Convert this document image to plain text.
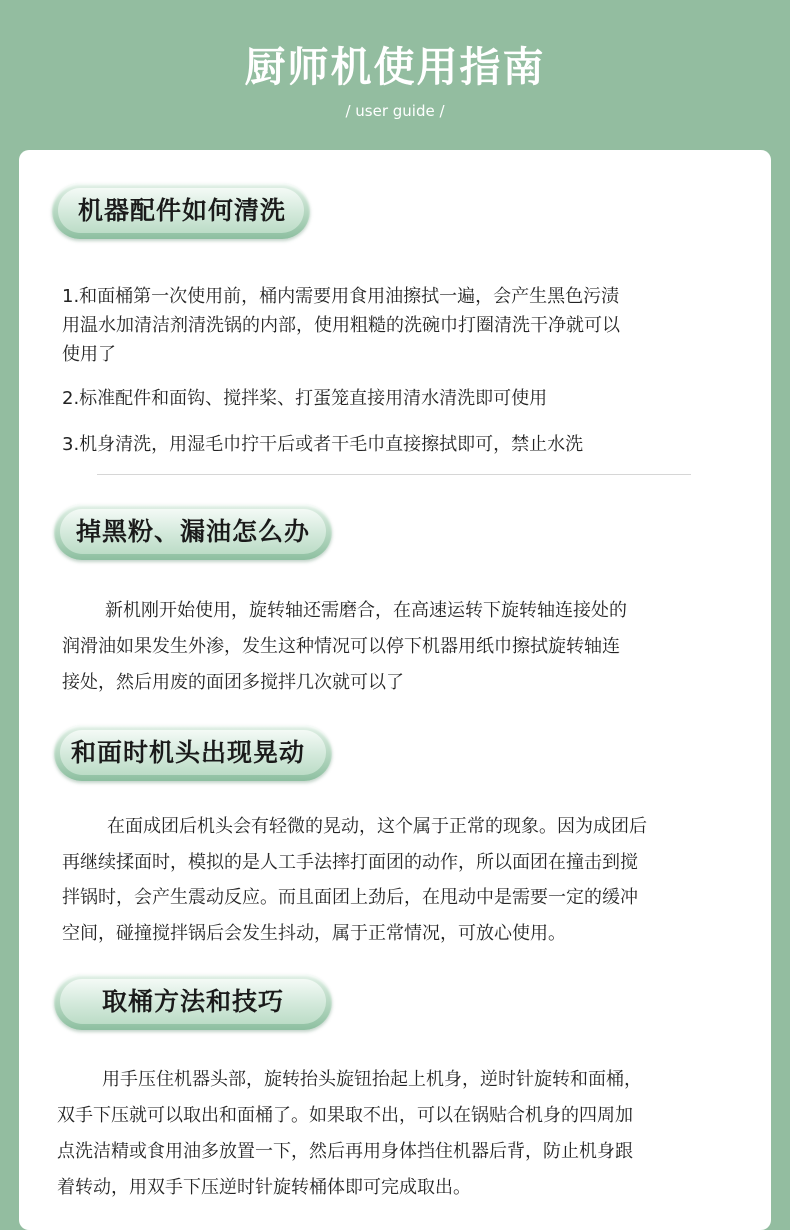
厨师机使用指南
/ user guide /
机器配件如何清洗
1.和面桶第一次使用前，桶内需要用食用油擦拭一遍，会产生黑色污渍
用温水加清洁剂清洗锅的内部，使用粗糙的洗碗巾打圈清洗干净就可以
使用了
2.标准配件和面钩、搅拌桨、打蛋笼直接用清水清洗即可使用
3.机身清洗，用湿毛巾拧干后或者干毛巾直接擦拭即可，禁止水洗
掉黑粉、漏油怎么办
新机刚开始使用，旋转轴还需磨合，在高速运转下旋转轴连接处的
润滑油如果发生外渗，发生这种情况可以停下机器用纸巾擦拭旋转轴连
接处，然后用废的面团多搅拌几次就可以了
和面时机头出现晃动
在面成团后机头会有轻微的晃动，这个属于正常的现象。因为成团后
再继续揉面时，模拟的是人工手法摔打面团的动作，所以面团在撞击到搅
拌锅时，会产生震动反应。而且面团上劲后，在甩动中是需要一定的缓冲
空间，碰撞搅拌锅后会发生抖动，属于正常情况，可放心使用。
取桶方法和技巧
用手压住机器头部，旋转抬头旋钮抬起上机身，逆时针旋转和面桶，
双手下压就可以取出和面桶了。如果取不出，可以在锅贴合机身的四周加
点洗洁精或食用油多放置一下，然后再用身体挡住机器后背，防止机身跟
着转动，用双手下压逆时针旋转桶体即可完成取出。
